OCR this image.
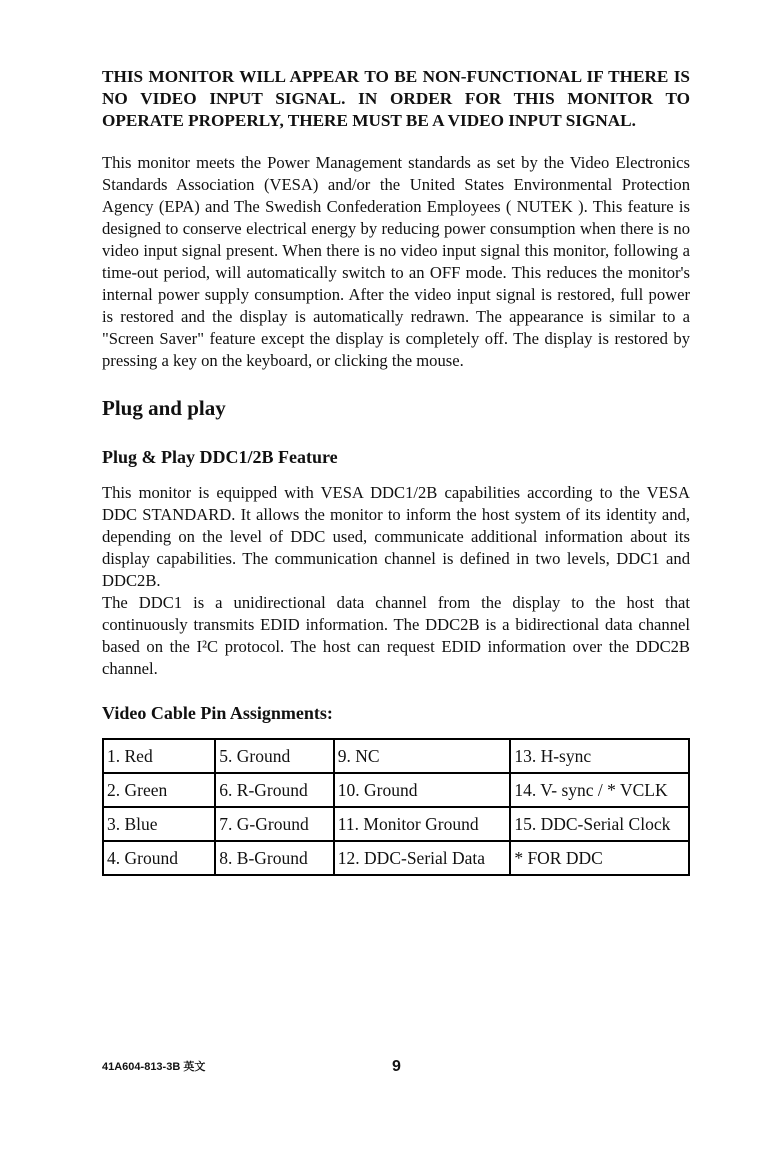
THIS MONITOR WILL APPEAR TO BE NON-FUNCTIONAL IF THERE IS NO VIDEO INPUT SIGNAL. IN ORDER FOR THIS MONITOR TO OPERATE PROPERLY, THERE MUST BE A VIDEO INPUT SIGNAL.

This monitor meets the Power Management standards as set by the Video Electronics Standards Association (VESA) and/or the United States Environmental Protection Agency (EPA) and The Swedish Confederation Employees ( NUTEK ). This feature is designed to conserve electrical energy by reducing power consumption when there is no video input signal present. When there is no video input signal this monitor, following a time-out period, will automatically switch to an OFF mode. This reduces the monitor's internal power supply consumption. After the video input signal is restored, full power is restored and the display is automatically redrawn. The appearance is similar to a "Screen Saver" feature except the display is completely off. The display is restored by pressing a key on the keyboard, or clicking the mouse.

Plug and play
Plug & Play DDC1/2B Feature

This monitor is equipped with VESA DDC1/2B capabilities according to the VESA DDC STANDARD. It allows the monitor to inform the host system of its identity and, depending on the level of DDC used, communicate additional information about its display capabilities. The communication channel is defined in two levels, DDC1 and DDC2B.

The DDC1 is a unidirectional data channel from the display to the host that continuously transmits EDID information. The DDC2B is a bidirectional data channel based on the I²C protocol. The host can request EDID information over the DDC2B channel.

Video Cable Pin Assignments:
1. Red	5. Ground	9. NC	13. H-sync
2. Green	6. R-Ground	10. Ground	14. V- sync / * VCLK
3. Blue	7. G-Ground	11. Monitor Ground	15. DDC-Serial Clock
4. Ground	8. B-Ground	12. DDC-Serial Data	* FOR DDC
41A604-813-3B 英文	9
